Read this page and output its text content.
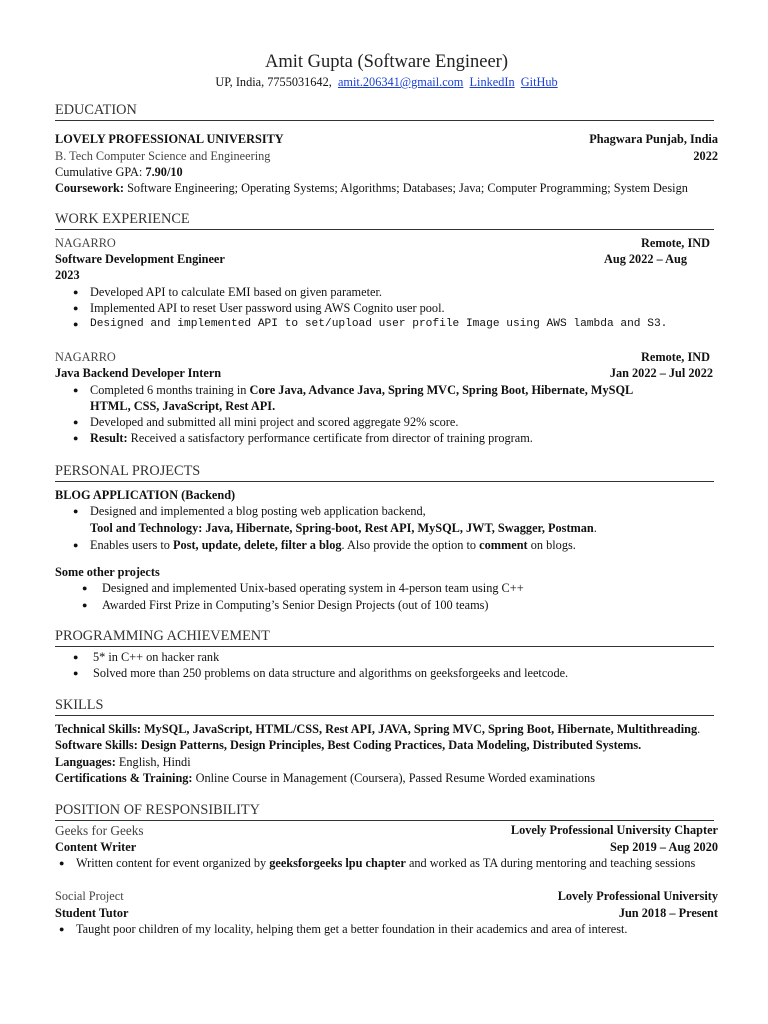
Amit Gupta (Software Engineer)
UP, India, 7755031642, amit.206341@gmail.com LinkedIn GitHub
EDUCATION
LOVELY PROFESSIONAL UNIVERSITY	Phagwara Punjab, India
B. Tech Computer Science and Engineering	2022
Cumulative GPA: 7.90/10
Coursework: Software Engineering; Operating Systems; Algorithms; Databases; Java; Computer Programming; System Design
WORK EXPERIENCE
NAGARRO	Remote, IND
Software Development Engineer	Aug 2022 – Aug
2023
● Developed API to calculate EMI based on given parameter.
● Implemented API to reset User password using AWS Cognito user pool.
● Designed and implemented API to set/upload user profile Image using AWS lambda and S3.
NAGARRO	Remote, IND
Java Backend Developer Intern	Jan 2022 – Jul 2022
● Completed 6 months training in Core Java, Advance Java, Spring MVC, Spring Boot, Hibernate, MySQL
HTML, CSS, JavaScript, Rest API.
● Developed and submitted all mini project and scored aggregate 92% score.
● Result: Received a satisfactory performance certificate from director of training program.
PERSONAL PROJECTS
BLOG APPLICATION (Backend)
● Designed and implemented a blog posting web application backend,
Tool and Technology: Java, Hibernate, Spring-boot, Rest API, MySQL, JWT, Swagger, Postman.
● Enables users to Post, update, delete, filter a blog. Also provide the option to comment on blogs.
Some other projects
● Designed and implemented Unix-based operating system in 4-person team using C++
● Awarded First Prize in Computing’s Senior Design Projects (out of 100 teams)
PROGRAMMING ACHIEVEMENT
● 5* in C++ on hacker rank
● Solved more than 250 problems on data structure and algorithms on geeksforgeeks and leetcode.
SKILLS
Technical Skills: MySQL, JavaScript, HTML/CSS, Rest API, JAVA, Spring MVC, Spring Boot, Hibernate, Multithreading.
Software Skills: Design Patterns, Design Principles, Best Coding Practices, Data Modeling, Distributed Systems.
Languages: English, Hindi
Certifications & Training: Online Course in Management (Coursera), Passed Resume Worded examinations
POSITION OF RESPONSIBILITY
Geeks for Geeks	Lovely Professional University Chapter
Content Writer	Sep 2019 – Aug 2020
● Written content for event organized by geeksforgeeks lpu chapter and worked as TA during mentoring and teaching sessions
Social Project	Lovely Professional University
Student Tutor	Jun 2018 – Present
● Taught poor children of my locality, helping them get a better foundation in their academics and area of interest.
